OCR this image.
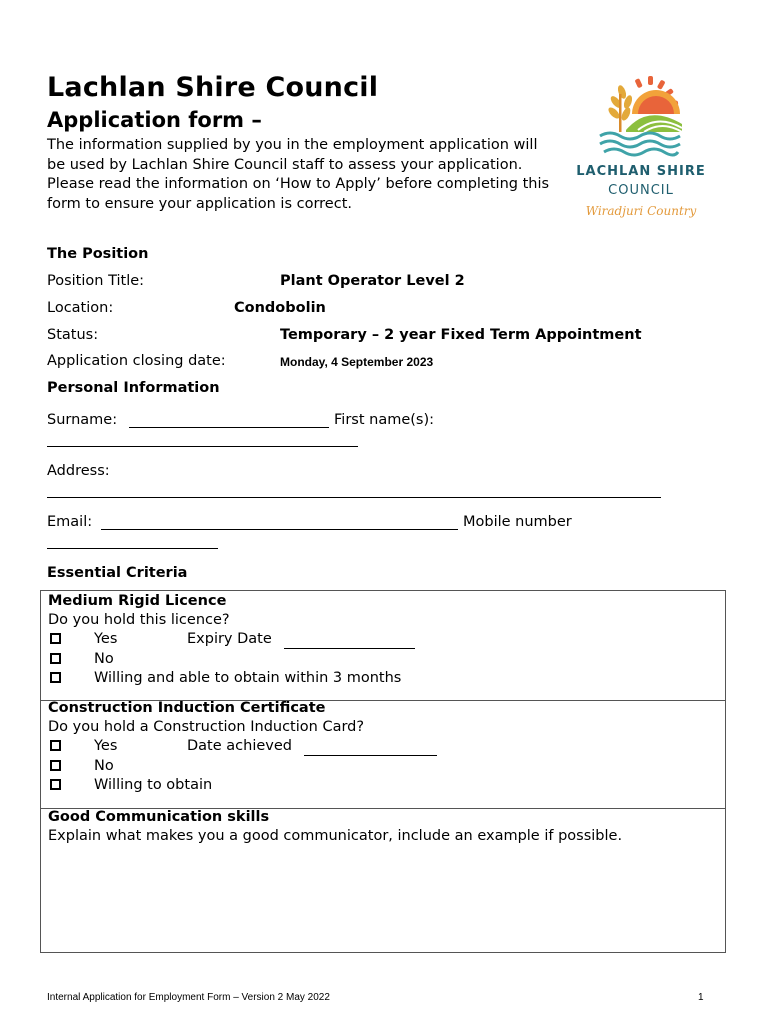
Lachlan Shire Council
Application form –
The information supplied by you in the employment application will be used by Lachlan Shire Council staff to assess your application. Please read the information on ‘How to Apply’ before completing this form to ensure your application is correct.
LACHLAN SHIRE
COUNCIL
Wiradjuri Country
The Position
Position Title:	Plant Operator Level 2
Location:	Condobolin
Status:	Temporary – 2 year Fixed Term Appointment
Application closing date:	Monday, 4 September 2023
Personal Information
Surname:	First name(s):
Address:
Email:	Mobile number
Essential Criteria
Medium Rigid Licence
Do you hold this licence?
Yes	Expiry Date
No
Willing and able to obtain within 3 months
Construction Induction Certificate
Do you hold a Construction Induction Card?
Yes	Date achieved
No
Willing to obtain
Good Communication skills
Explain what makes you a good communicator, include an example if possible.
Internal Application for Employment Form – Version 2 May 2022	1
